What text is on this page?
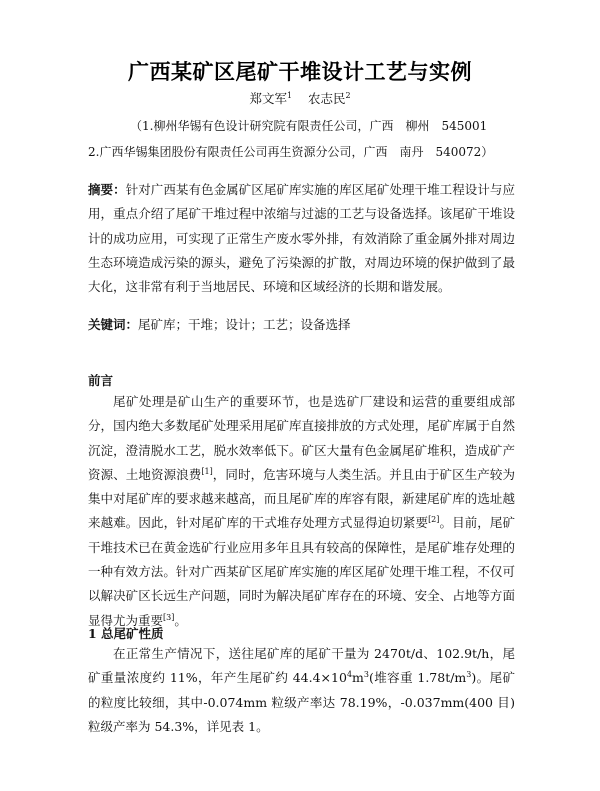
广西某矿区尾矿干堆设计工艺与实例
郑文军$^1$ 农志民$^2$
（1.柳州华锡有色设计研究院有限责任公司，广西　柳州　545001
2.广西华锡集团股份有限责任公司再生资源分公司，广西　南丹　540072）

摘要：针对广西某有色金属矿区尾矿库实施的库区尾矿处理干堆工程设计与应用，重点介绍了尾矿干堆过程中浓缩与过滤的工艺与设备选择。该尾矿干堆设计的成功应用，可实现了正常生产废水零外排，有效消除了重金属外排对周边生态环境造成污染的源头，避免了污染源的扩散，对周边环境的保护做到了最大化，这非常有利于当地居民、环境和区域经济的长期和谐发展。

关键词：尾矿库；干堆；设计；工艺；设备选择

前言

尾矿处理是矿山生产的重要环节，也是选矿厂建设和运营的重要组成部分，国内绝大多数尾矿处理采用尾矿库直接排放的方式处理，尾矿库属于自然沉淀，澄清脱水工艺，脱水效率低下。矿区大量有色金属尾矿堆积，造成矿产资源、土地资源浪费[1]，同时，危害环境与人类生活。并且由于矿区生产较为集中对尾矿库的要求越来越高，而且尾矿库的库容有限，新建尾矿库的选址越来越难。因此，针对尾矿库的干式堆存处理方式显得迫切紧要[2]。目前，尾矿干堆技术已在黄金选矿行业应用多年且具有较高的保障性，是尾矿堆存处理的一种有效方法。针对广西某矿区尾矿库实施的库区尾矿处理干堆工程，不仅可以解决矿区长远生产问题，同时为解决尾矿库存在的环境、安全、占地等方面显得尤为重要[3]。

1 总尾矿性质

在正常生产情况下，送往尾矿库的尾矿干量为 2470t/d、102.9t/h，尾矿重量浓度约 11%，年产生尾矿约 $44.4\times 10^4m^3$(堆容重 $1.78t/m^3$)。尾矿的粒度比较细，其中-0.074mm 粒级产率达 78.19%，-0.037mm(400 目)粒级产率为 54.3%，详见表 1。
